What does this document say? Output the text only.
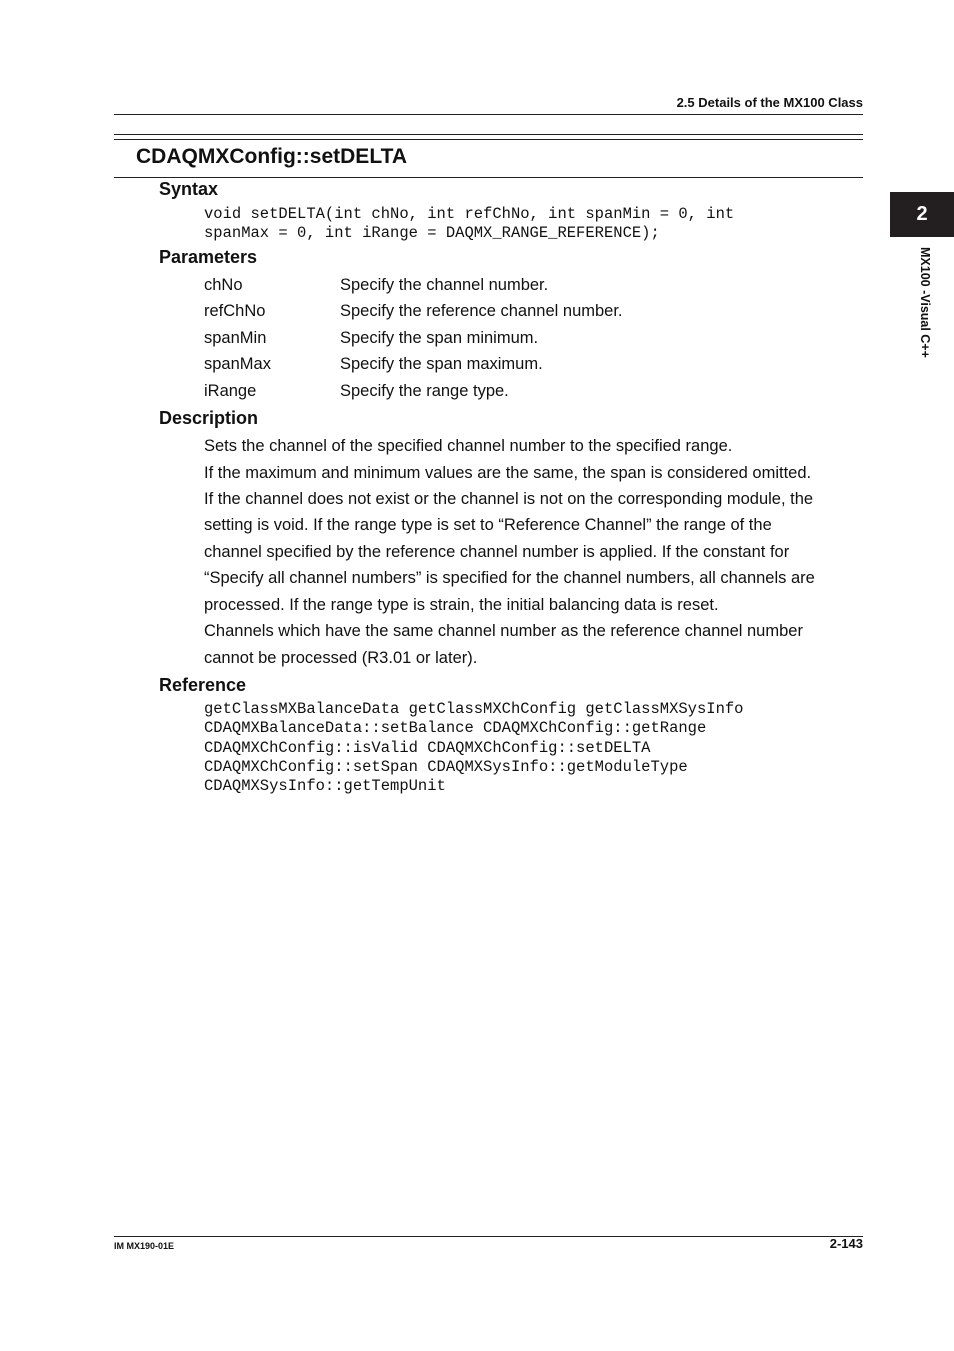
2.5 Details of the MX100 Class
CDAQMXConfig::setDELTA
Syntax
void setDELTA(int chNo, int refChNo, int spanMin = 0, int
spanMax = 0, int iRange = DAQMX_RANGE_REFERENCE);
Parameters
chNo	Specify the channel number.
refChNo	Specify the reference channel number.
spanMin	Specify the span minimum.
spanMax	Specify the span maximum.
iRange	Specify the range type.
Description
Sets the channel of the specified channel number to the specified range.
If the maximum and minimum values are the same, the span is considered omitted.
If the channel does not exist or the channel is not on the corresponding module, the
setting is void. If the range type is set to “Reference Channel” the range of the
channel specified by the reference channel number is applied. If the constant for
“Specify all channel numbers” is specified for the channel numbers, all channels are
processed. If the range type is strain, the initial balancing data is reset.
Channels which have the same channel number as the reference channel number
cannot be processed (R3.01 or later).
Reference
getClassMXBalanceData getClassMXChConfig getClassMXSysInfo
CDAQMXBalanceData::setBalance CDAQMXChConfig::getRange
CDAQMXChConfig::isValid CDAQMXChConfig::setDELTA
CDAQMXChConfig::setSpan CDAQMXSysInfo::getModuleType
CDAQMXSysInfo::getTempUnit
2
MX100 -Visual C++
IM MX190-01E	2-143
